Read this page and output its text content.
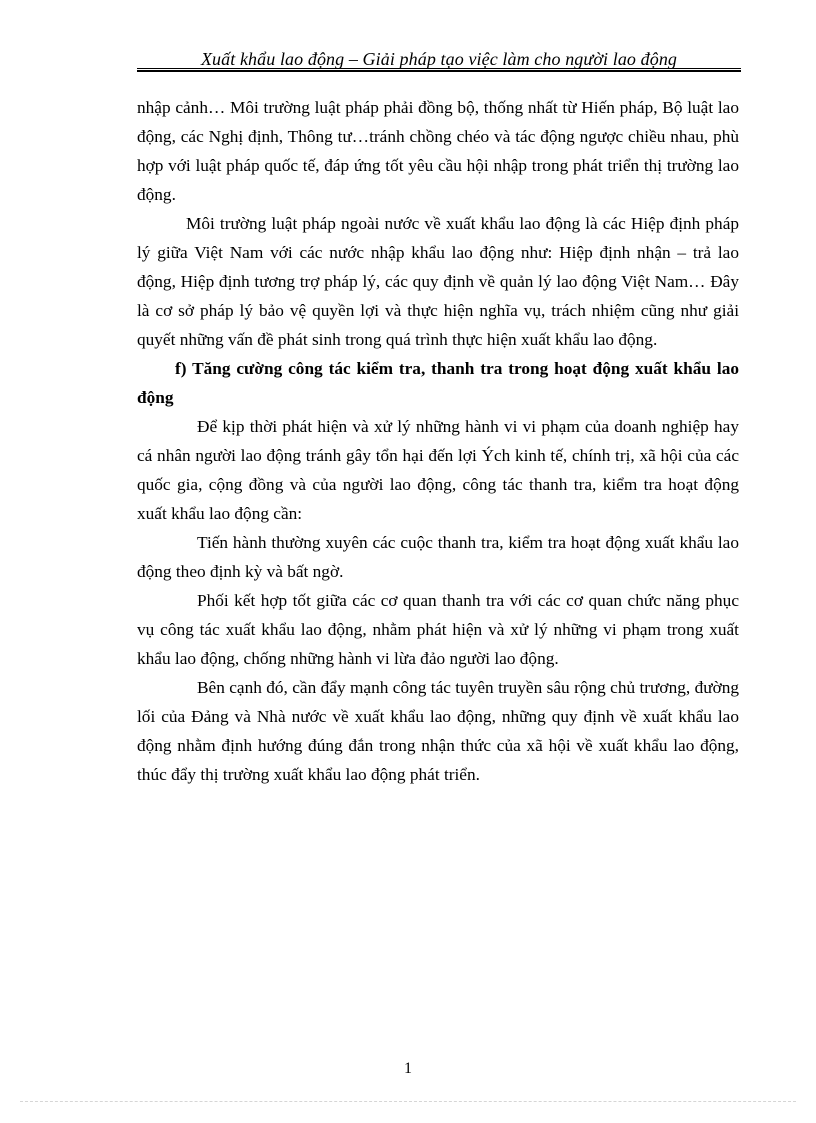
Xuất khẩu lao động – Giải pháp tạo việc làm cho người lao động

nhập cảnh… Môi trường luật pháp phải đồng bộ, thống nhất từ Hiến pháp, Bộ luật lao động, các Nghị định, Thông tư…tránh chồng chéo và tác động ngược chiều nhau, phù hợp với luật pháp quốc tế, đáp ứng tốt yêu cầu hội nhập trong phát triển thị trường lao động.

Môi trường luật pháp ngoài nước về xuất khẩu lao động là các Hiệp định pháp lý giữa Việt Nam với các nước nhập khẩu lao động như: Hiệp định nhận – trả lao động, Hiệp định tương trợ pháp lý, các quy định về quản lý lao động Việt Nam… Đây là cơ sở pháp lý bảo vệ quyền lợi và thực hiện nghĩa vụ, trách nhiệm cũng như giải quyết những vấn đề phát sinh trong quá trình thực hiện xuất khẩu lao động.

f) Tăng cường công tác kiểm tra, thanh tra trong hoạt động xuất khẩu lao động

Để kịp thời phát hiện và xử lý những hành vi vi phạm của doanh nghiệp hay cá nhân người lao động tránh gây tổn hại đến lợi Ých kinh tế, chính trị, xã hội của các quốc gia, cộng đồng và của người lao động, công tác thanh tra, kiểm tra hoạt động xuất khẩu lao động cần:

Tiến hành thường xuyên các cuộc thanh tra, kiểm tra hoạt động xuất khẩu lao động theo định kỳ và bất ngờ.

Phối kết hợp tốt giữa các cơ quan thanh tra với các cơ quan chức năng phục vụ công tác xuất khẩu lao động, nhằm phát hiện và xử lý những vi phạm trong xuất khẩu lao động, chống những hành vi lừa đảo người lao động.

Bên cạnh đó, cần đẩy mạnh công tác tuyên truyền sâu rộng chủ trương, đường lối của Đảng và Nhà nước về xuất khẩu lao động, những quy định về xuất khẩu lao động nhằm định hướng đúng đắn trong nhận thức của xã hội về xuất khẩu lao động, thúc đẩy thị trường xuất khẩu lao động phát triển.

1
